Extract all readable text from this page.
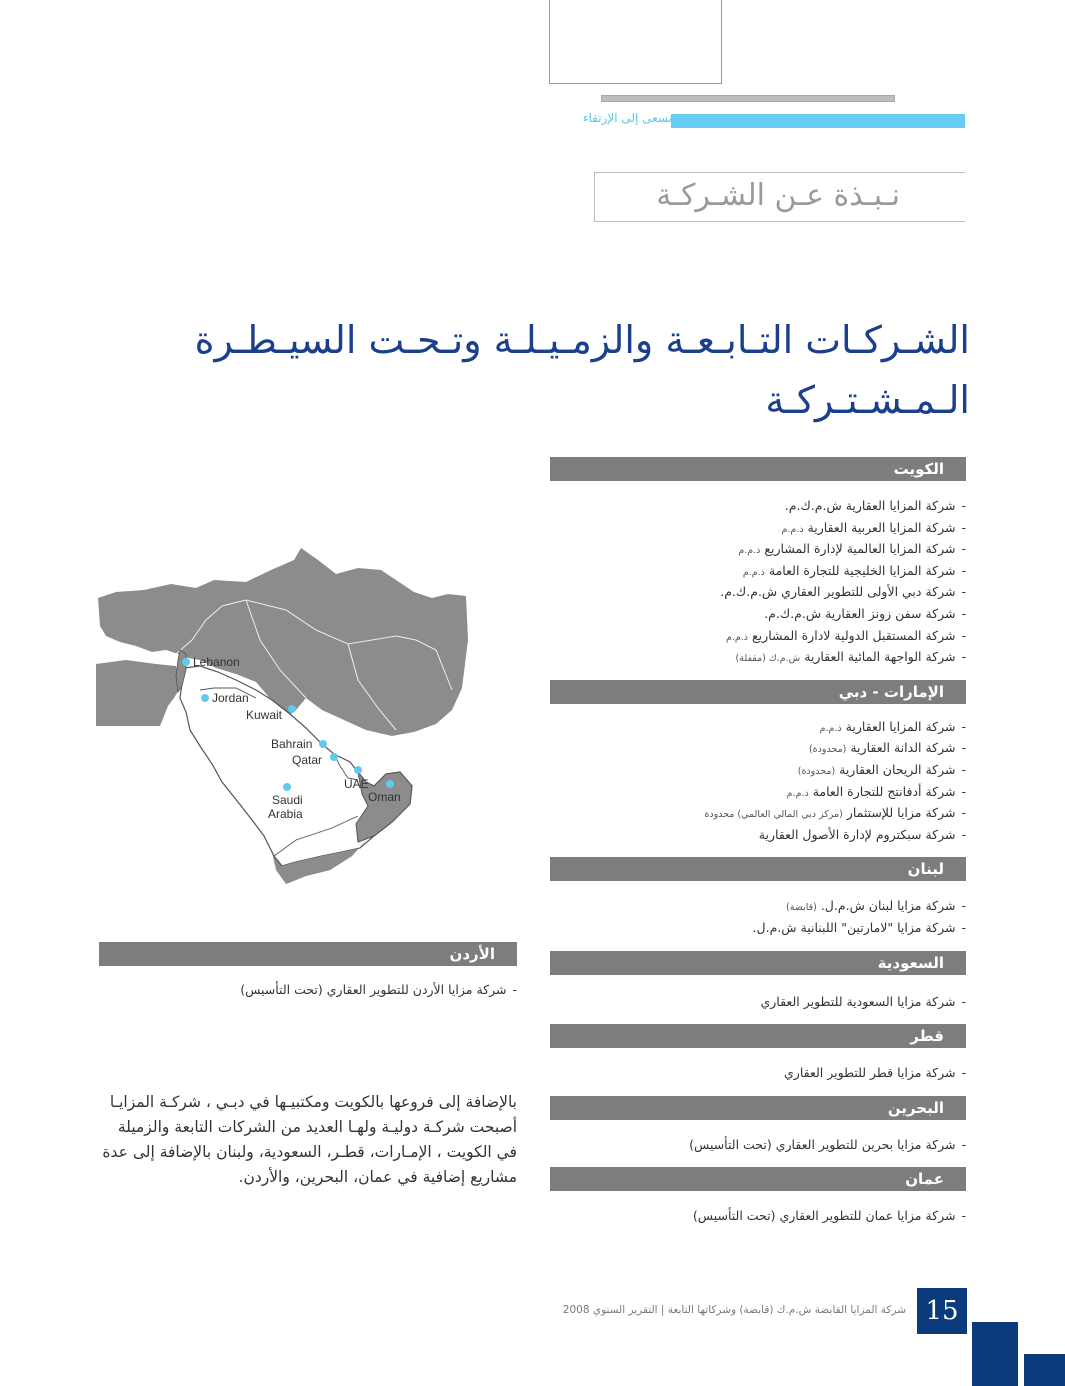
نسعى إلى الإرتقاء
نـبـذة عـن الشـركـة
الشـركـات التـابـعـة والزمـيـلـة وتـحـت السيـطـرة الـمـشـتـركـة
الكويت
-شركة المزايا العقارية ش.م.ك.م.
-شركة المزايا العربية العقارية ذ.م.م
-شركة المزايا العالمية لإدارة المشاريع ذ.م.م
-شركة المزايا الخليجية للتجارة العامة ذ.م.م
-شركة دبي الأولى للتطوير العقاري ش.م.ك.م.
-شركة سفن زونز العقارية ش.م.ك.م.
-شركة المستقبل الدولية لادارة المشاريع ذ.م.م
-شركة الواجهة المائية العقارية ش.م.ك (مقفلة)
الإمارات - دبي
-شركة المزايا العقارية ذ.م.م
-شركة الدانة العقارية (محدودة)
-شركة الريحان العقارية (محدودة)
-شركة أدفانتج للتجارة العامة ذ.م.م
-شركة مزايا للإستثمار (مركز دبي المالي العالمي) محدودة
-شركة سبكتروم لإدارة الأصول العقارية
لبنان
-شركة مزايا لبنان ش.م.ل. (قابضة)
-شركة مزايا "لامارتين" اللبنانية ش.م.ل.
السعودية
-شركة مزايا السعودية للتطوير العقاري
قطر
-شركة مزايا قطر للتطوير العقاري
البحرين
-شركة مزايا بحرين للتطوير العقاري (تحت التأسيس)
عمان
-شركة مزايا عمان للتطوير العقاري (تحت التأسيس)
الأردن
-شركة مزايا الأردن للتطوير العقاري (تحت التأسيس)
بالإضافة إلى فروعها بالكويت ومكتبيـها في دبـي ، شركـة المزايـا أصبحت شركـة دوليـة ولهـا العديد من الشركات التابعة والزميلة في الكويت ، الإمـارات، قطـر، السعودية، ولبنان بالإضافة إلى عدة مشاريع إضافية في عمان، البحرين، والأردن.
Lebanon
Jordan
Kuwait
Bahrain
Qatar
UAE
Oman
Saudi
Arabia
شركة المزايا القابضة ش.م.ك (قابضة) وشركاتها التابعة | التقرير السنوي 2008 15
